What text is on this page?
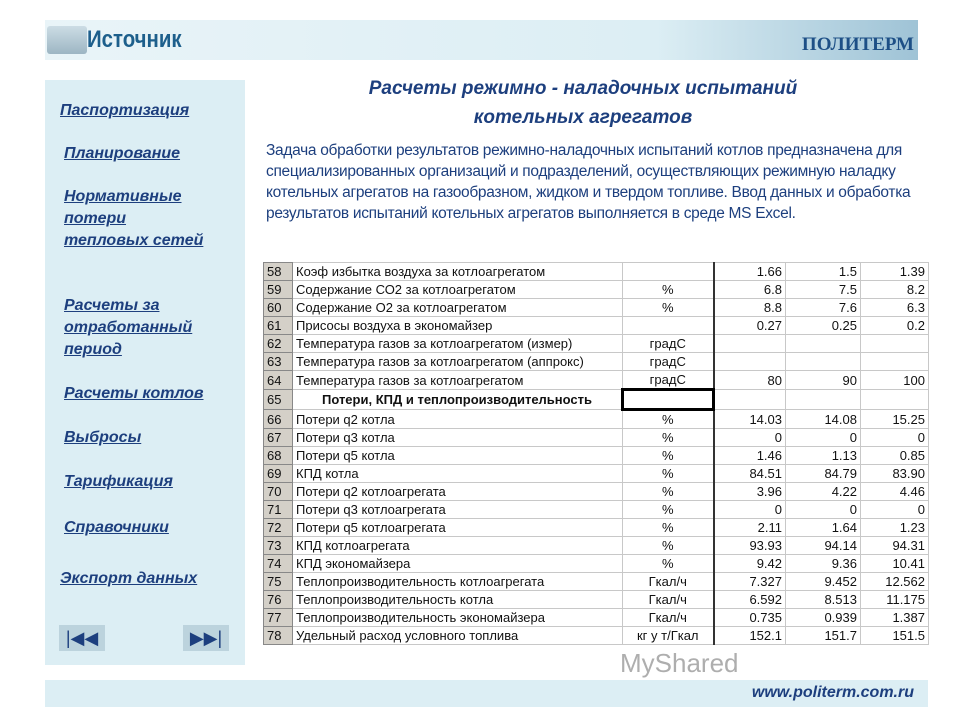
Источник	ПОЛИТЕРМ
Паспортизация
Планирование
Нормативные потери тепловых сетей
Расчеты за отработанный период
Расчеты котлов
Выбросы
Тарификация
Справочники
Экспорт данных
|◀◀	▶▶|
Расчеты режимно - наладочных испытаний
котельных агрегатов
Задача обработки результатов режимно-наладочных испытаний котлов предназначена для специализированных организаций и подразделений, осуществляющих режимную наладку котельных агрегатов на газообразном, жидком и твердом топливе. Ввод данных и обработка результатов испытаний котельных агрегатов выполняется в среде MS Excel.
58	Коэф избытка воздуха за котлоагрегатом		1.66	1.5	1.39
59	Содержание СО2 за котлоагрегатом	%	6.8	7.5	8.2
60	Содержание О2 за котлоагрегатом	%	8.8	7.6	6.3
61	Присосы воздуха в экономайзер		0.27	0.25	0.2
62	Температура газов за котлоагрегатом (измер)	градС			
63	Температура газов за котлоагрегатом (аппрокс)	градС			
64	Температура газов за котлоагрегатом	градС	80	90	100
65	Потери, КПД и теплопроизводительность				
66	Потери q2 котла	%	14.03	14.08	15.25
67	Потери q3 котла	%	0	0	0
68	Потери q5 котла	%	1.46	1.13	0.85
69	КПД котла	%	84.51	84.79	83.90
70	Потери q2 котлоагрегата	%	3.96	4.22	4.46
71	Потери q3 котлоагрегата	%	0	0	0
72	Потери q5 котлоагрегата	%	2.11	1.64	1.23
73	КПД котлоагрегата	%	93.93	94.14	94.31
74	КПД экономайзера	%	9.42	9.36	10.41
75	Теплопроизводительность котлоагрегата	Гкал/ч	7.327	9.452	12.562
76	Теплопроизводительность котла	Гкал/ч	6.592	8.513	11.175
77	Теплопроизводительность экономайзера	Гкал/ч	0.735	0.939	1.387
78	Удельный расход условного топлива	кг у т/Гкал	152.1	151.7	151.5
www.politerm.com.ru
MyShared
